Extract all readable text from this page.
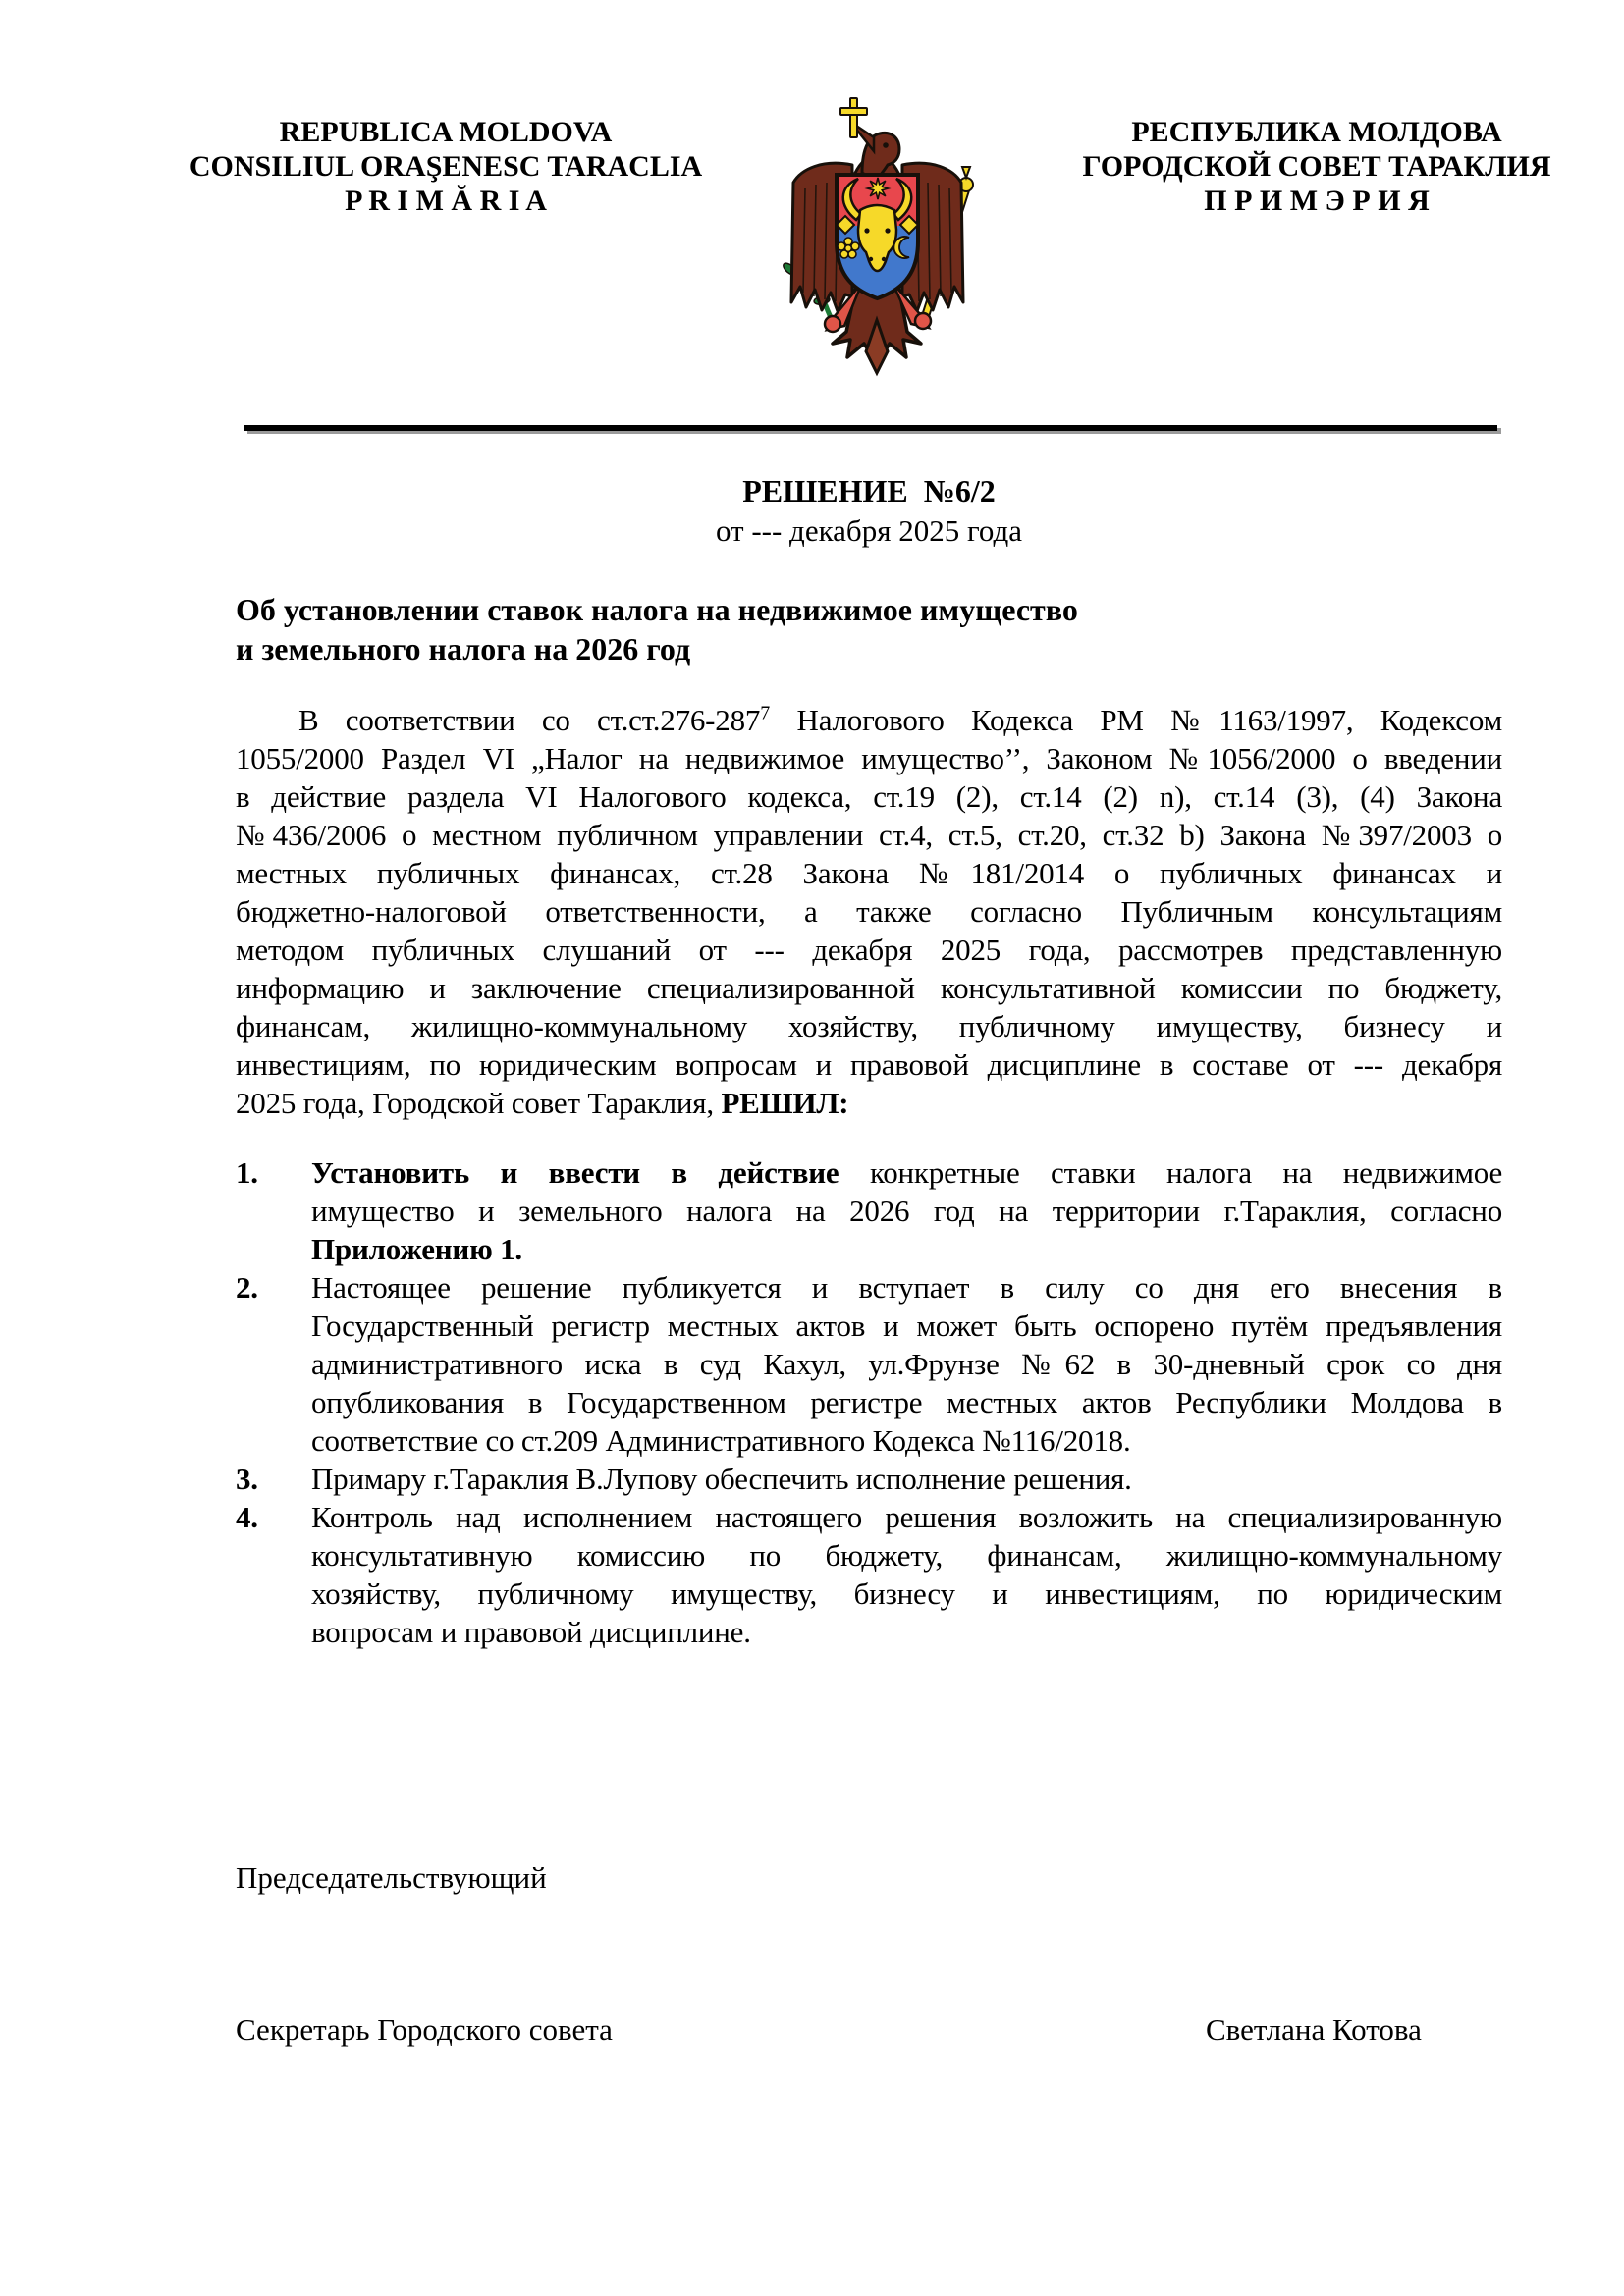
REPUBLICA MOLDOVA
CONSILIUL ORAŞENESC TARACLIA
P R I M Ă R I A
РЕСПУБЛИКА МОЛДОВА
ГОРОДСКОЙ СОВЕТ ТАРАКЛИЯ
П Р И М Э Р И Я
РЕШЕНИЕ  №6/2
от --- декабря 2025 года
Об установлении ставок налога на недвижимое имущество
и земельного налога на 2026 год
В соответствии со ст.ст.276-287$^7$ Налогового Кодекса РМ №1163/1997, Кодексом
1055/2000 Раздел VI „Налог на недвижимое имущество’’, Законом №1056/2000 о введении
в действие раздела VI Налогового кодекса, ст.19 (2), ст.14 (2) n), ст.14 (3), (4) Закона
№436/2006 о местном публичном управлении ст.4, ст.5, ст.20, ст.32 b) Закона №397/2003 о
местных публичных финансах, ст.28 Закона №181/2014 о публичных финансах и
бюджетно-налоговой ответственности, а также согласно Публичным консультациям
методом публичных слушаний от --- декабря 2025 года, рассмотрев представленную
информацию и заключение специализированной консультативной комиссии по бюджету,
финансам, жилищно-коммунальному хозяйству, публичному имуществу, бизнесу и
инвестициям, по юридическим вопросам и правовой дисциплине в составе от --- декабря
2025 года, Городской совет Тараклия, РЕШИЛ:
1. Установить и ввести в действие конкретные ставки налога на недвижимое
имущество и земельного налога на 2026 год на территории г.Тараклия, согласно
Приложению 1.
2. Настоящее решение публикуется и вступает в силу со дня его внесения в
Государственный регистр местных актов и может быть оспорено путём предъявления
административного иска в суд Кахул, ул.Фрунзе №62 в 30-дневный срок со дня
опубликования в Государственном регистре местных актов Республики Молдова в
соответствие со ст.209 Административного Кодекса №116/2018.
3. Примару г.Тараклия В.Лупову обеспечить исполнение решения.
4. Контроль над исполнением настоящего решения возложить на специализированную
консультативную комиссию по бюджету, финансам, жилищно-коммунальному
хозяйству, публичному имуществу, бизнесу и инвестициям, по юридическим
вопросам и правовой дисциплине.
Председательствующий
Секретарь Городского совета	Светлана Котова
